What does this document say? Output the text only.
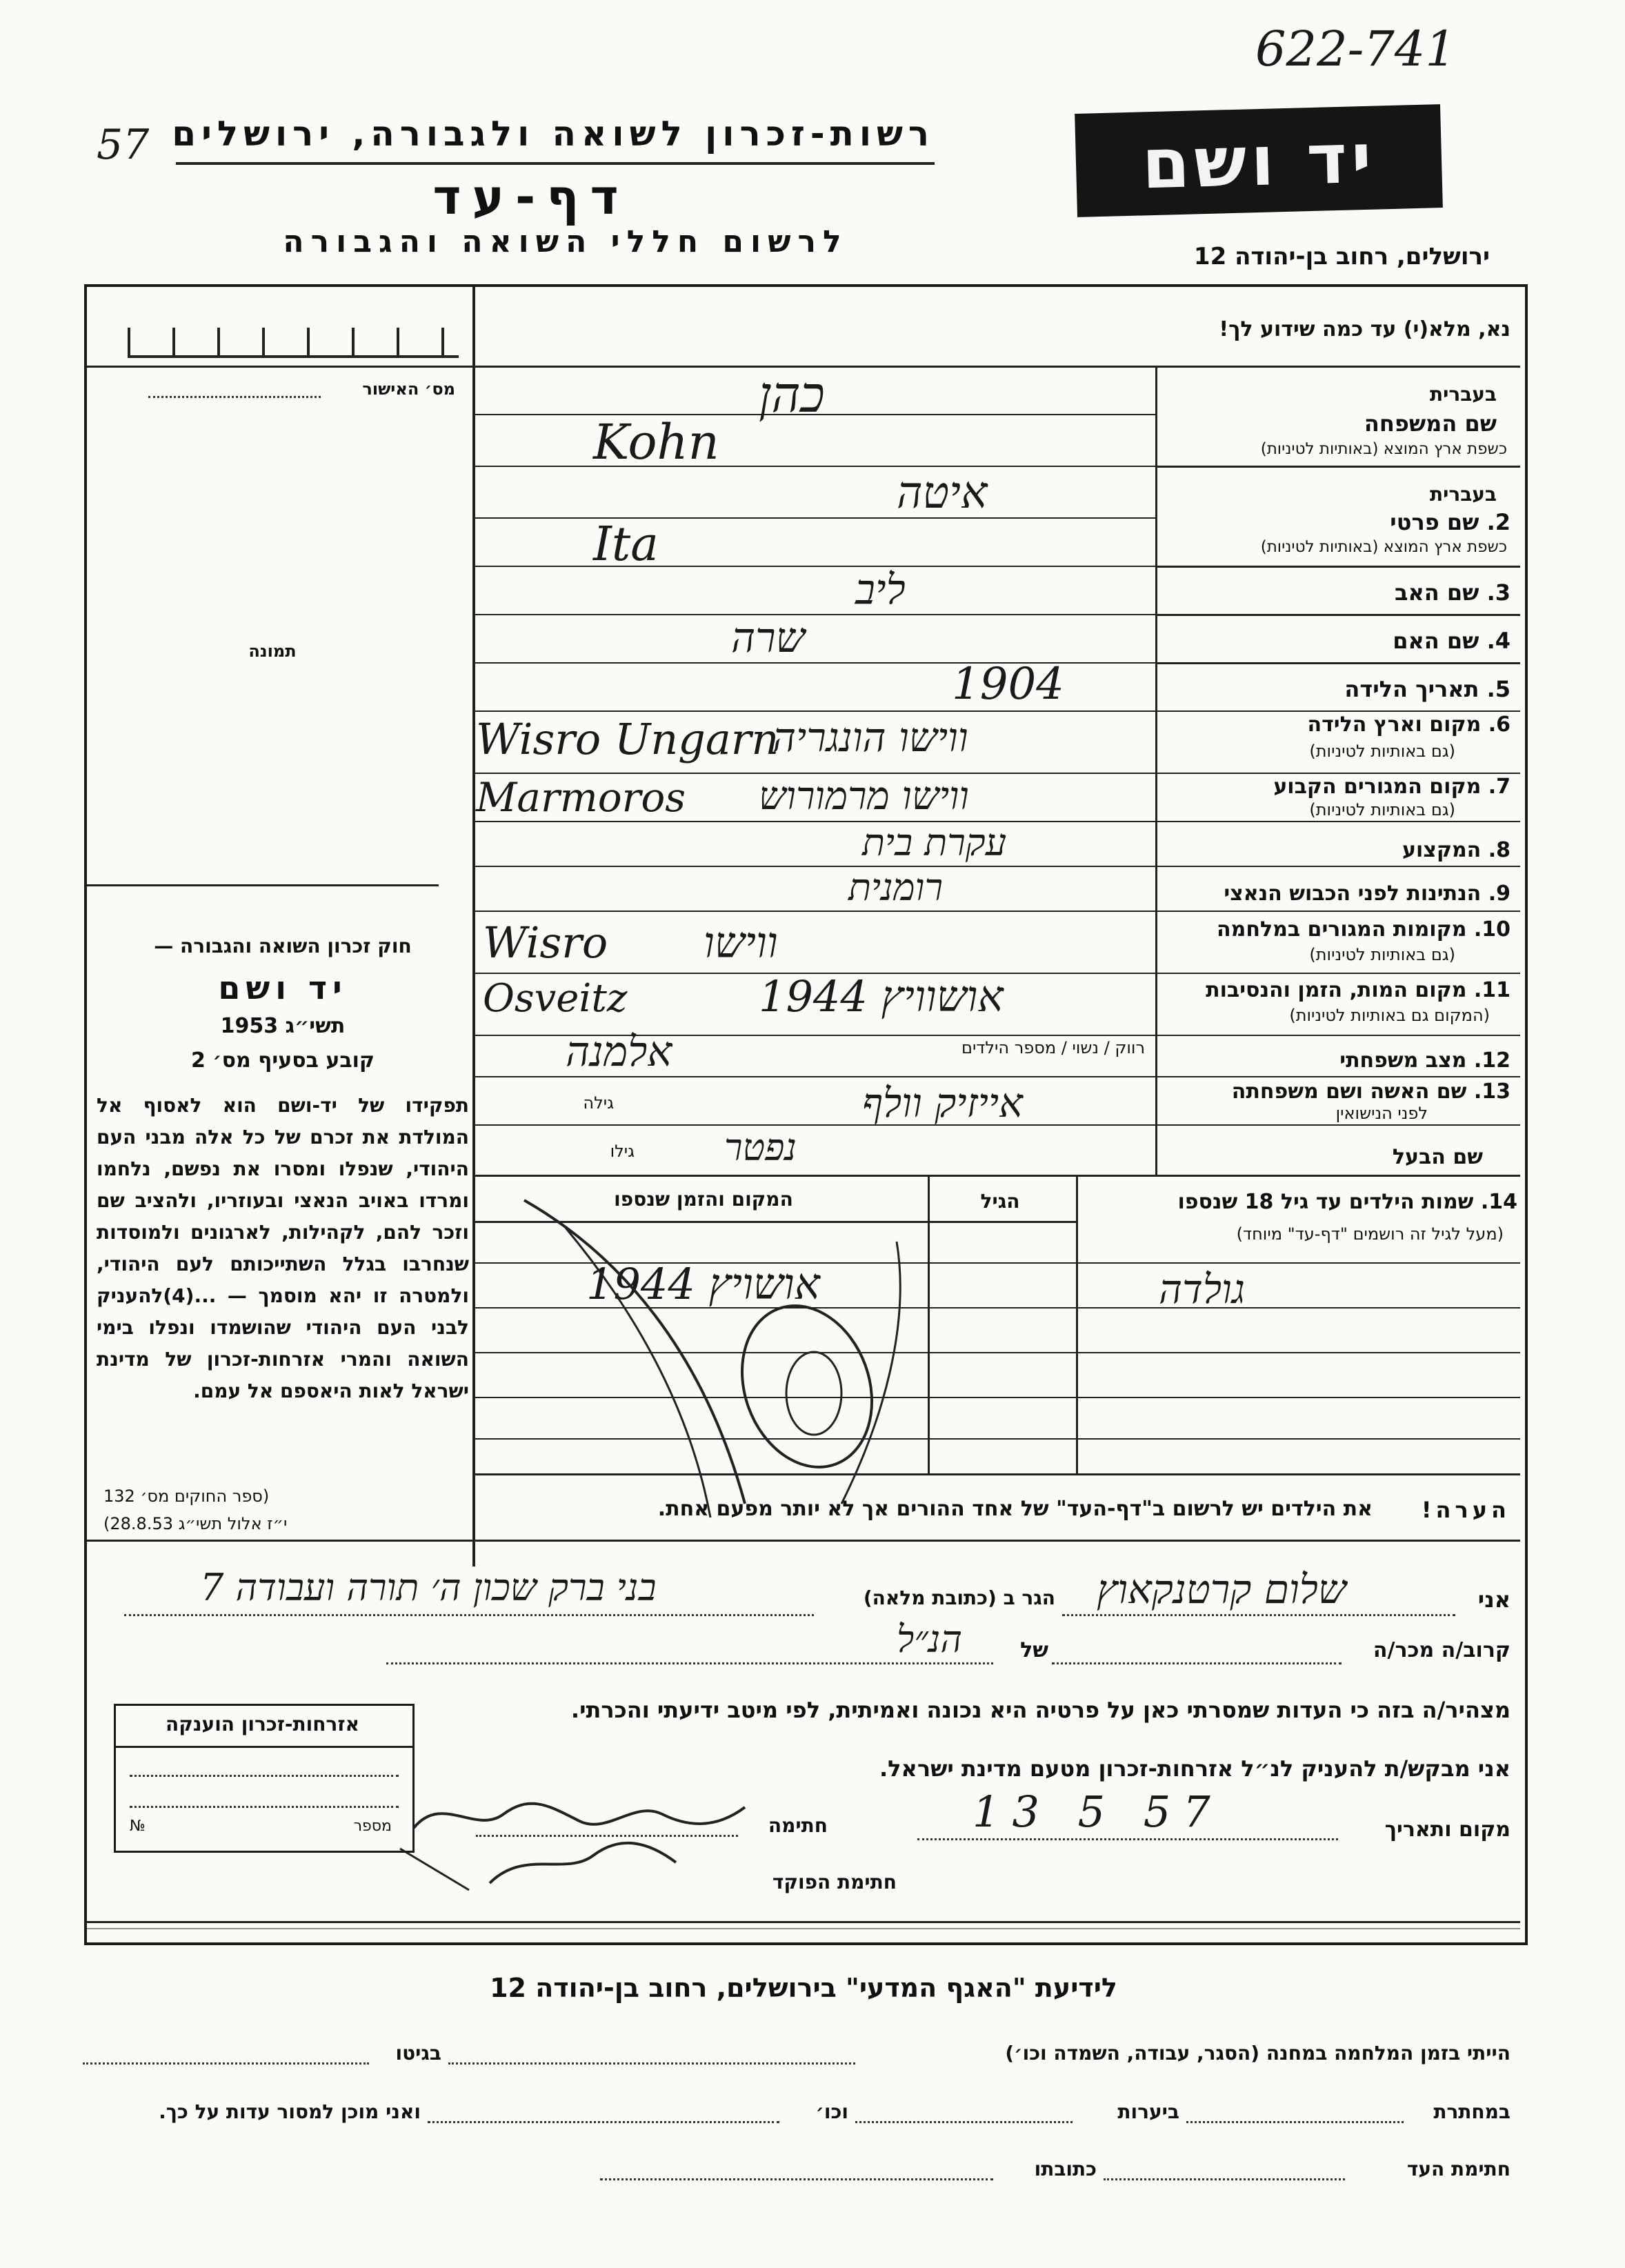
622-741
57 רשות-זכרון לשואה ולגבורה, ירושלים
דף-עד
לרשום חללי השואה והגבורה
יד ושם
ירושלים, רחוב בן-יהודה 12
מס׳ האישור
תמונה
חוק זכרון השואה והגבורה —
יד ושם
תשי״ג 1953
קובע בסעיף מס׳ 2
תפקידו של יד-ושם הוא לאסוף אל המולדת את זכרם של כל אלה מבני העם היהודי, שנפלו ומסרו את נפשם, נלחמו ומרדו באויב הנאצי ובעוזריו, ולהציב שם וזכר להם, לקהילות, לארגונים ולמוסדות שנחרבו בגלל השתייכותם לעם היהודי, ולמטרה זו יהא מוסמך — ...(4)להעניק לבני העם היהודי שהושמדו ונפלו בימי השואה והמרי אזרחות-זכרון של מדינת ישראל לאות היאספם אל עמם.
(ספר החוקים מס׳ 132
י״ז אלול תשי״ג 28.8.53)
נא, מלא(י) עד כמה שידוע לך!
בעברית
שם המשפחה
כשפת ארץ המוצא (באותיות לטיניות)
בעברית
2. שם פרטי
כשפת ארץ המוצא (באותיות לטיניות)
3. שם האב
4. שם האם
5. תאריך הלידה
6. מקום וארץ הלידה
(גם באותיות לטיניות)
7. מקום המגורים הקבוע
(גם באותיות לטיניות)
8. המקצוע
9. הנתינות לפני הכבוש הנאצי
10. מקומות המגורים במלחמה
(גם באותיות לטיניות)
11. מקום המות, הזמן והנסיבות
(המקום גם באותיות לטיניות)
12. מצב משפחתי
רווק / נשוי / מספר הילדים
13. שם האשה ושם משפחתה
לפני הנישואין
גילה
שם הבעל
גילו
14. שמות הילדים עד גיל 18 שנספו
(מעל לגיל זה רושמים "דף-עד" מיוחד)
הגיל
המקום והזמן שנספו
הערה!
את הילדים יש לרשום ב"דף-העד" של אחד ההורים אך לא יותר מפעם אחת.
כהן
Kohn
איטה
Ita
ליב
שרה
1904
Wisro Ungarn
ווישו הונגריה
Marmoros ווישו מרמורוש
עקרת בית
רומנית
Wisro ווישו
Osveitz	אושוויץ 1944
אלמנה
אייזיק וולף
נפטר
גולדה
אושויץ 1944
אני
שלום קרטנקאוץ
הגר ב (כתובת מלאה)
בני ברק שכון ה׳ תורה ועבודה 7
קרוב/ה מכר/ה
של
הנ״ל
מצהיר/ה בזה כי העדות שמסרתי כאן על פרטיה היא נכונה ואמיתית, לפי מיטב ידיעתי והכרתי.
אני מבקש/ת להעניק לנ״ל אזרחות-זכרון מטעם מדינת ישראל.
מקום ותאריך
13 5 57
חתימה
חתימת הפוקד
אזרחות-זכרון הוענקה
מספר
№
לידיעת "האגף המדעי" בירושלים, רחוב בן-יהודה 12
הייתי בזמן המלחמה במחנה (הסגר, עבודה, השמדה וכו׳)
בגיטו
במחתרת
ביערות
וכו׳
ואני מוכן למסור עדות על כך.
חתימת העד
כתובתו
